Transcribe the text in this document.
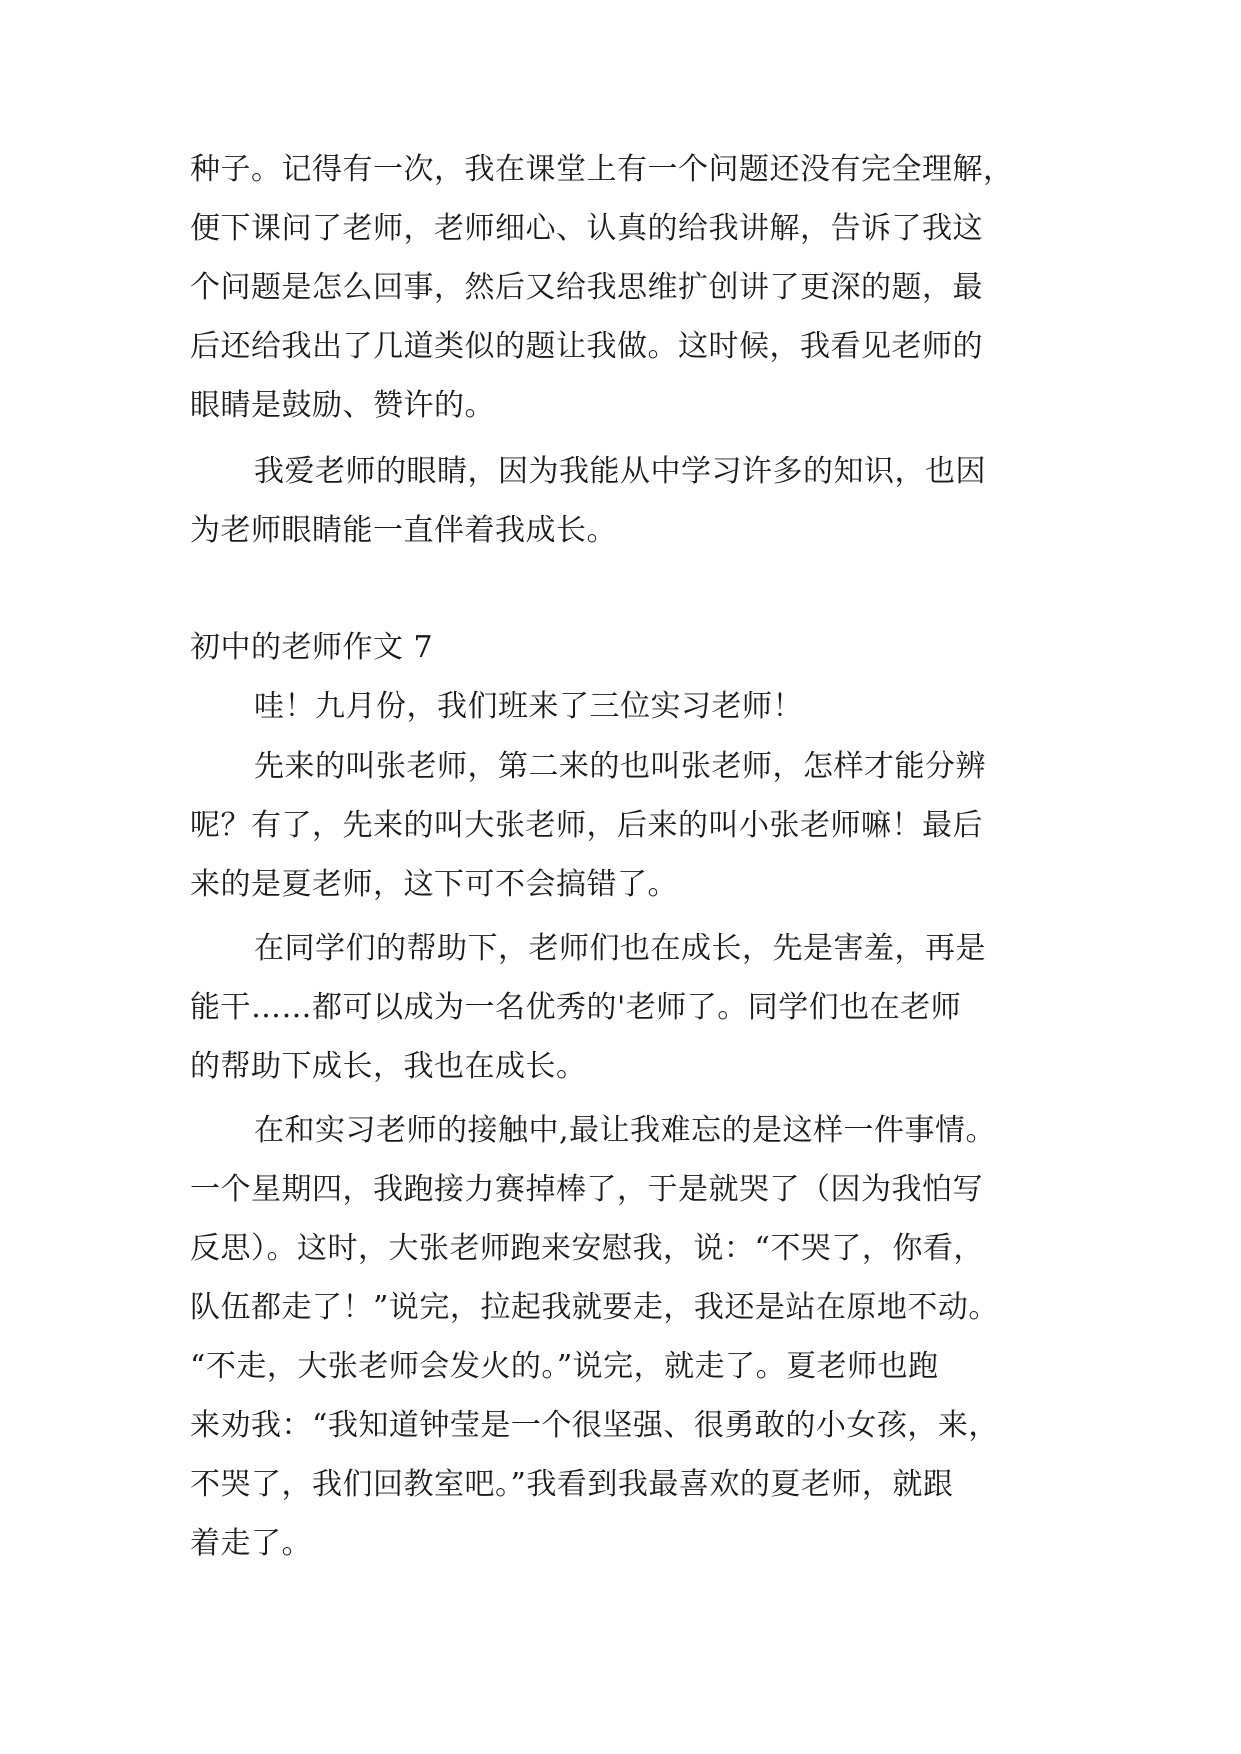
种子。记得有一次，我在课堂上有一个问题还没有完全理解，
便下课问了老师，老师细心、认真的给我讲解，告诉了我这
个问题是怎么回事，然后又给我思维扩创讲了更深的题，最
后还给我出了几道类似的题让我做。这时候，我看见老师的
眼睛是鼓励、赞许的。
我爱老师的眼睛，因为我能从中学习许多的知识，也因
为老师眼睛能一直伴着我成长。
初中的老师作文 7
哇！九月份，我们班来了三位实习老师！
先来的叫张老师，第二来的也叫张老师，怎样才能分辨
呢？有了，先来的叫大张老师，后来的叫小张老师嘛！最后
来的是夏老师，这下可不会搞错了。
在同学们的帮助下，老师们也在成长，先是害羞，再是
能干……都可以成为一名优秀的'老师了。同学们也在老师
的帮助下成长，我也在成长。
在和实习老师的接触中,最让我难忘的是这样一件事情。
一个星期四，我跑接力赛掉棒了，于是就哭了（因为我怕写
反思）。这时，大张老师跑来安慰我，说：“不哭了，你看，
队伍都走了！”说完，拉起我就要走，我还是站在原地不动。
“不走，大张老师会发火的。”说完，就走了。夏老师也跑
来劝我：“我知道钟莹是一个很坚强、很勇敢的小女孩，来，
不哭了，我们回教室吧。”我看到我最喜欢的夏老师，就跟
着走了。
